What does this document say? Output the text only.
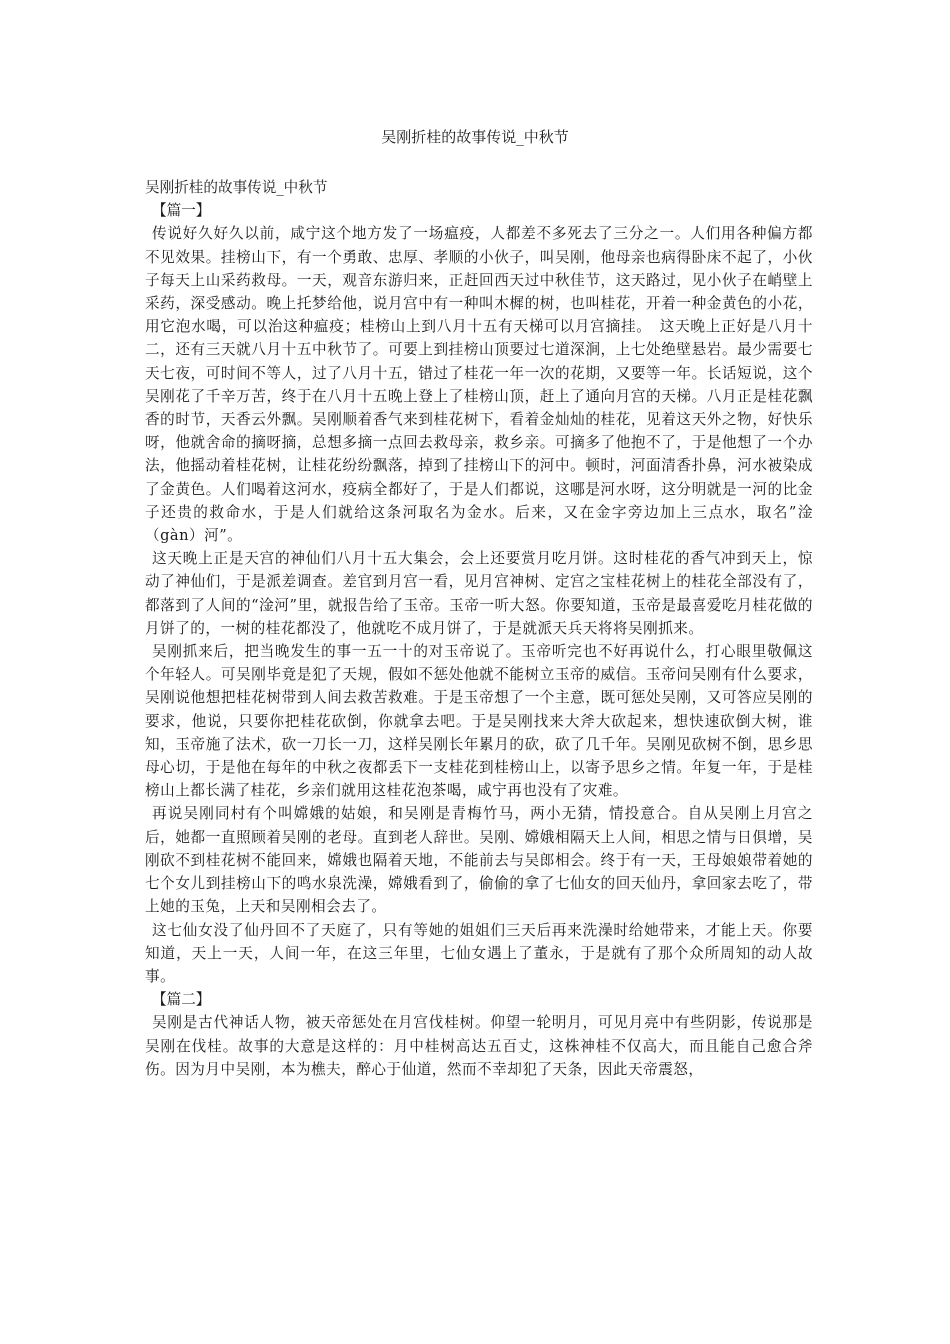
吴刚折桂的故事传说_中秋节

吴刚折桂的故事传说_中秋节

【篇一】

传说好久好久以前，咸宁这个地方发了一场瘟疫，人都差不多死去了三分之一。人们用各种偏方都不见效果。挂榜山下，有一个勇敢、忠厚、孝顺的小伙子，叫吴刚，他母亲也病得卧床不起了，小伙子每天上山采药救母。一天，观音东游归来，正赶回西天过中秋佳节，这天路过，见小伙子在峭壁上采药，深受感动。晚上托梦给他，说月宫中有一种叫木樨的树，也叫桂花，开着一种金黄色的小花，用它泡水喝，可以治这种瘟疫；桂榜山上到八月十五有天梯可以月宫摘挂。　这天晚上正好是八月十二，还有三天就八月十五中秋节了。可要上到挂榜山顶要过七道深涧，上七处绝壁悬岩。最少需要七天七夜，可时间不等人，过了八月十五，错过了桂花一年一次的花期，又要等一年。长话短说，这个吴刚花了千辛万苦，终于在八月十五晚上登上了桂榜山顶，赶上了通向月宫的天梯。八月正是桂花飘香的时节，天香云外飘。吴刚顺着香气来到桂花树下，看着金灿灿的桂花，见着这天外之物，好快乐呀，他就舍命的摘呀摘，总想多摘一点回去救母亲，救乡亲。可摘多了他抱不了，于是他想了一个办法，他摇动着桂花树，让桂花纷纷飘落，掉到了挂榜山下的河中。顿时，河面清香扑鼻，河水被染成了金黄色。人们喝着这河水，疫病全都好了，于是人们都说，这哪是河水呀，这分明就是一河的比金子还贵的救命水，于是人们就给这条河取名为金水。后来，又在金字旁边加上三点水，取名”淦（gàn）河”。

这天晚上正是天宫的神仙们八月十五大集会，会上还要赏月吃月饼。这时桂花的香气冲到天上，惊动了神仙们，于是派差调查。差官到月宫一看，见月宫神树、定宫之宝桂花树上的桂花全部没有了，都落到了人间的“淦河”里，就报告给了玉帝。玉帝一听大怒。你要知道，玉帝是最喜爱吃月桂花做的月饼了的，一树的桂花都没了，他就吃不成月饼了，于是就派天兵天将将吴刚抓来。

吴刚抓来后，把当晚发生的事一五一十的对玉帝说了。玉帝听完也不好再说什么，打心眼里敬佩这个年轻人。可吴刚毕竟是犯了天规，假如不惩处他就不能树立玉帝的威信。玉帝问吴刚有什么要求，吴刚说他想把桂花树带到人间去救苦救难。于是玉帝想了一个主意，既可惩处吴刚，又可答应吴刚的要求，他说，只要你把桂花砍倒，你就拿去吧。于是吴刚找来大斧大砍起来，想快速砍倒大树，谁知，玉帝施了法术，砍一刀长一刀，这样吴刚长年累月的砍，砍了几千年。吴刚见砍树不倒，思乡思母心切，于是他在每年的中秋之夜都丢下一支桂花到桂榜山上，以寄予思乡之情。年复一年，于是桂榜山上都长满了桂花，乡亲们就用这桂花泡茶喝，咸宁再也没有了灾难。

再说吴刚同村有个叫嫦娥的姑娘，和吴刚是青梅竹马，两小无猜，情投意合。自从吴刚上月宫之后，她都一直照顾着吴刚的老母。直到老人辞世。吴刚、嫦娥相隔天上人间，相思之情与日俱增，吴刚砍不到桂花树不能回来，嫦娥也隔着天地，不能前去与吴郎相会。终于有一天，王母娘娘带着她的七个女儿到挂榜山下的鸣水泉洗澡，嫦娥看到了，偷偷的拿了七仙女的回天仙丹，拿回家去吃了，带上她的玉兔，上天和吴刚相会去了。

这七仙女没了仙丹回不了天庭了，只有等她的姐姐们三天后再来洗澡时给她带来，才能上天。你要知道，天上一天，人间一年，在这三年里，七仙女遇上了董永，于是就有了那个众所周知的动人故事。

【篇二】

吴刚是古代神话人物，被天帝惩处在月宫伐桂树。仰望一轮明月，可见月亮中有些阴影，传说那是吴刚在伐桂。故事的大意是这样的：月中桂树高达五百丈，这株神桂不仅高大，而且能自己愈合斧伤。因为月中吴刚，本为樵夫，醉心于仙道，然而不幸却犯了天条，因此天帝震怒，
